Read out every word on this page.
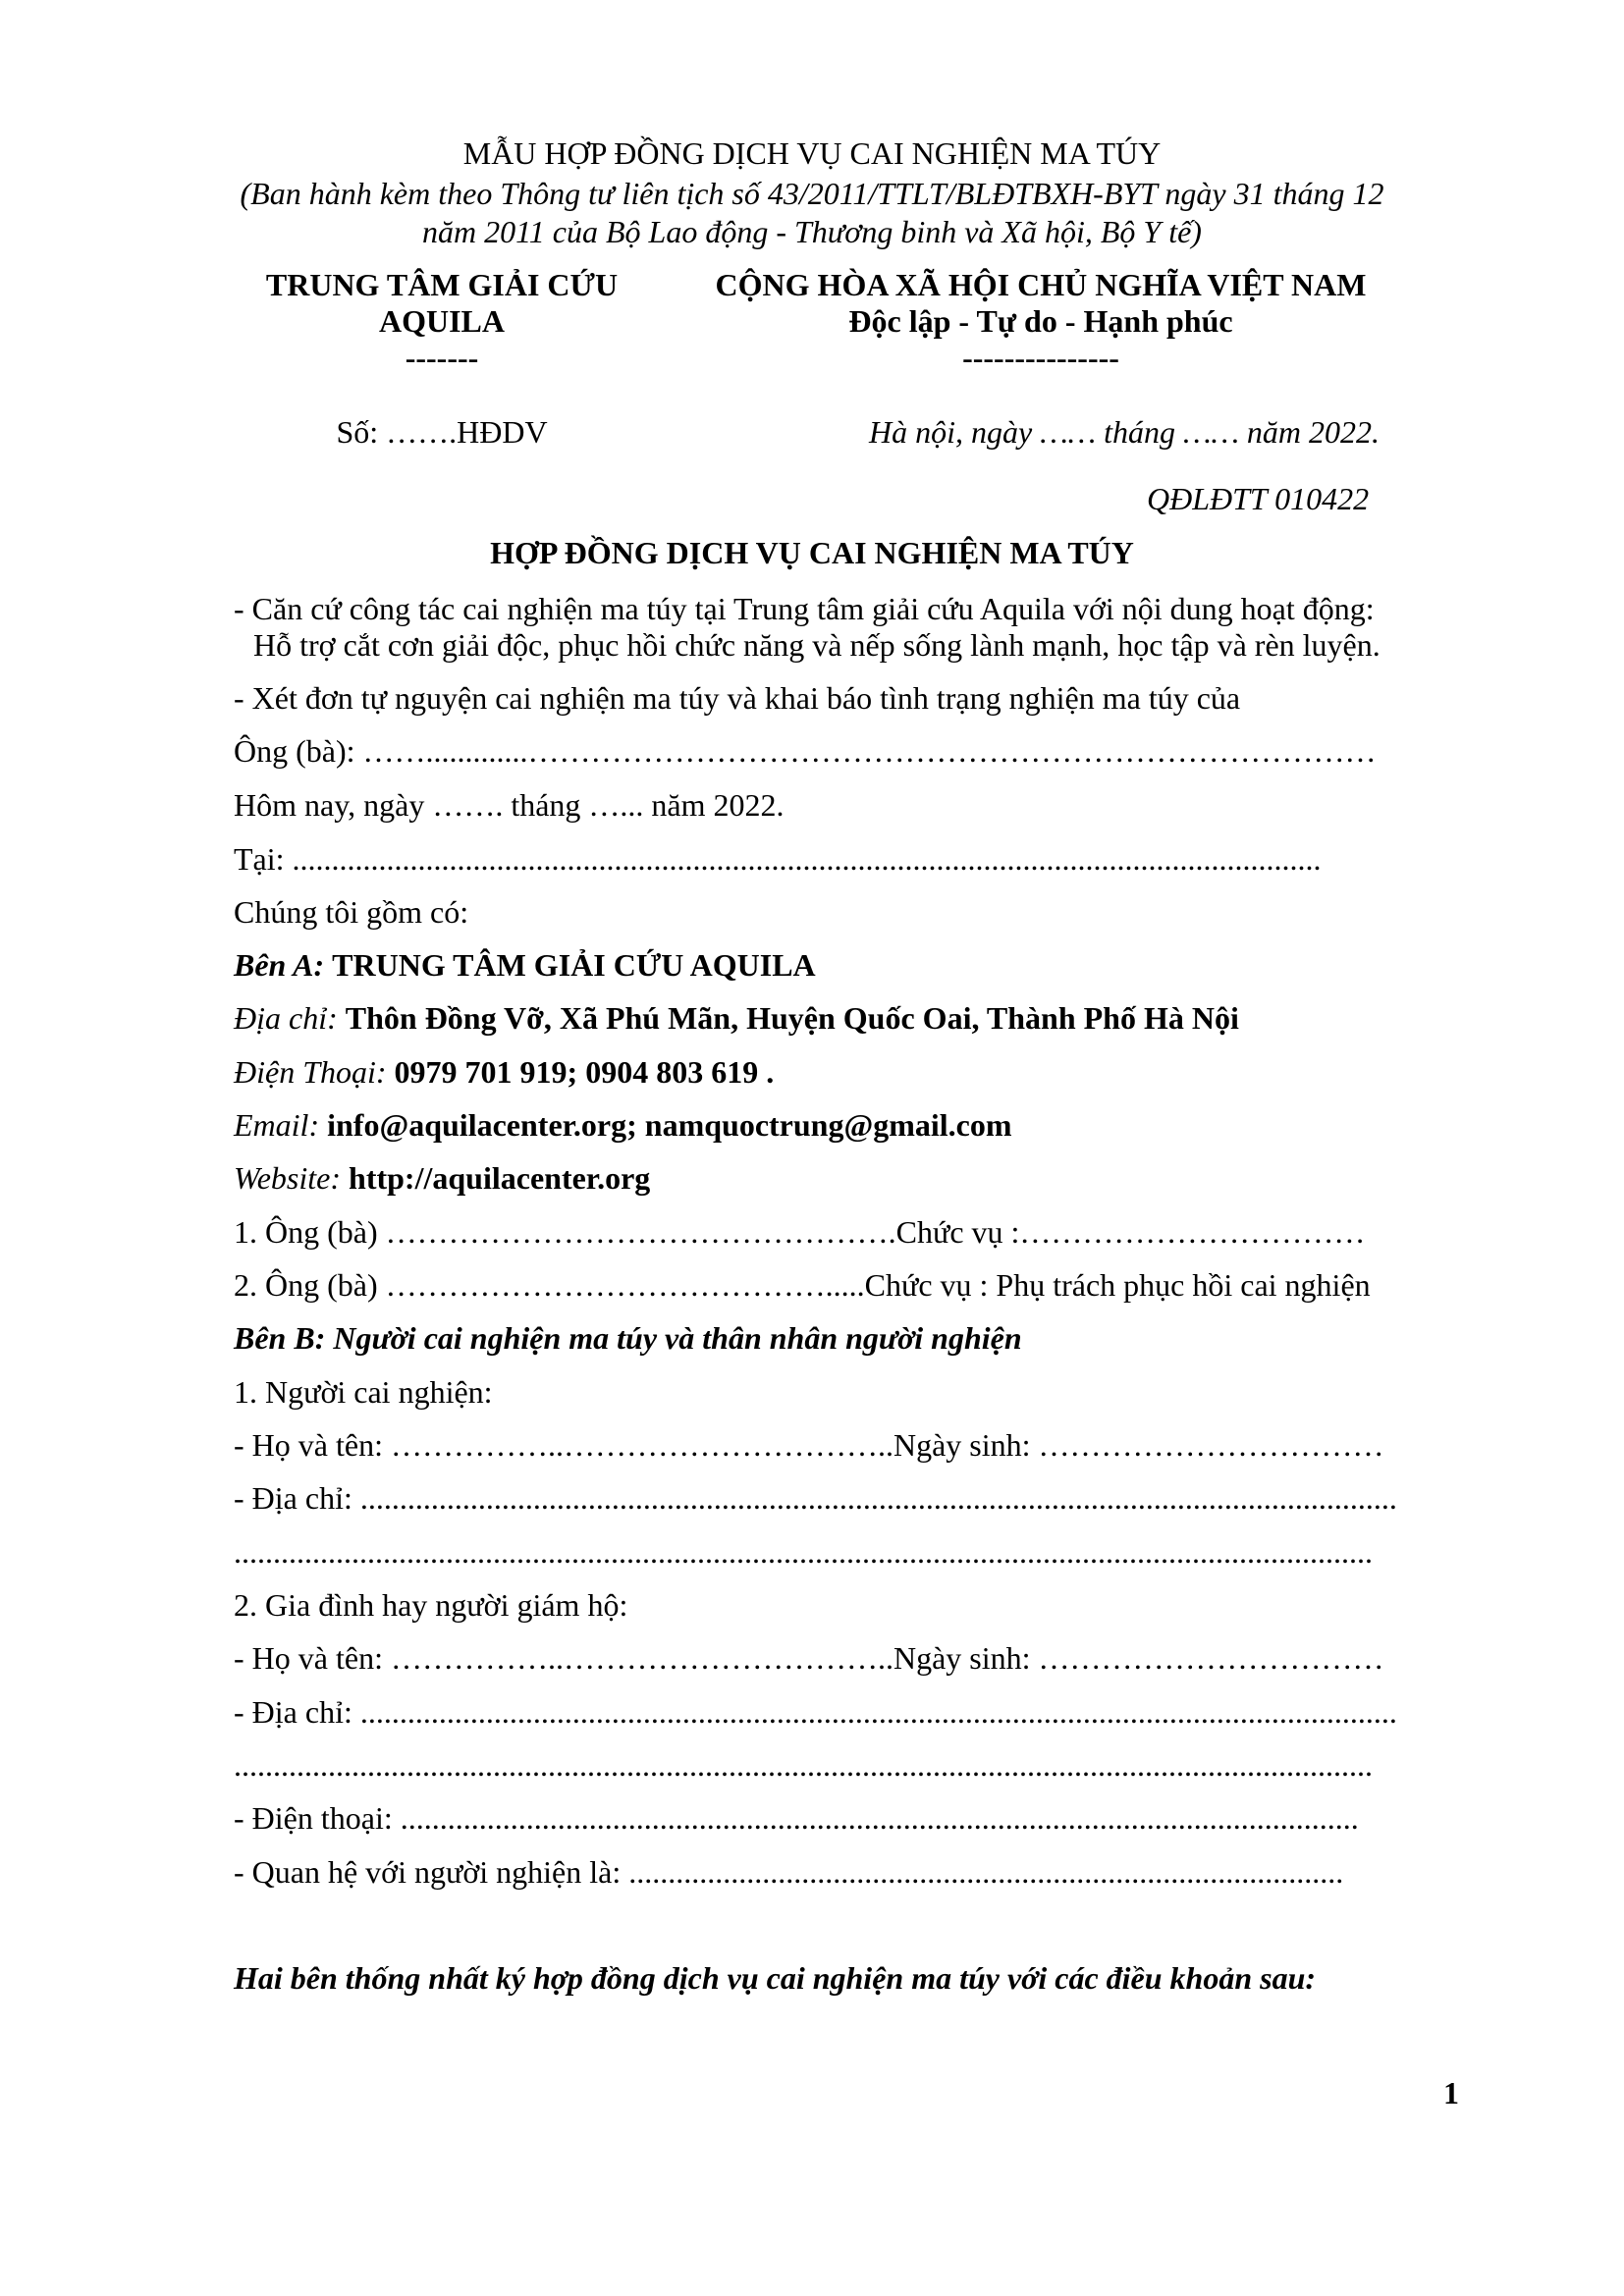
MẪU HỢP ĐỒNG DỊCH VỤ CAI NGHIỆN MA TÚY
(Ban hành kèm theo Thông tư liên tịch số 43/2011/TTLT/BLĐTBXH-BYT ngày 31 tháng 12
năm 2011 của Bộ Lao động - Thương binh và Xã hội, Bộ Y tế)
TRUNG TÂM GIẢI CỨU
AQUILA
-------
CỘNG HÒA XÃ HỘI CHỦ NGHĨA VIỆT NAM
Độc lập - Tự do - Hạnh phúc
---------------
Số: …….HĐDV	Hà nội, ngày …… tháng …… năm 2022.
QĐLĐTT 010422
HỢP ĐỒNG DỊCH VỤ CAI NGHIỆN MA TÚY
- Căn cứ công tác cai nghiện ma túy tại Trung tâm giải cứu Aquila với nội dung hoạt động:
Hỗ trợ cắt cơn giải độc, phục hồi chức năng và nếp sống lành mạnh, học tập và rèn luyện.
- Xét đơn tự nguyện cai nghiện ma túy và khai báo tình trạng nghiện ma túy của
Ông (bà): …….............………………………………………………………………………
Hôm nay, ngày ……. tháng …... năm 2022.
Tại: ...................................................................................................................................
Chúng tôi gồm có:
Bên A: TRUNG TÂM GIẢI CỨU AQUILA
Địa chỉ: Thôn Đồng Vỡ, Xã Phú Mãn, Huyện Quốc Oai, Thành Phố Hà Nội
Điện Thoại: 0979 701 919; 0904 803 619 .
Email: info@aquilacenter.org; namquoctrung@gmail.com
Website: http://aquilacenter.org
1. Ông (bà) ………………………………………….Chức vụ :……………………………
2. Ông (bà) …………………………………….....Chức vụ : Phụ trách phục hồi cai nghiện
Bên B: Người cai nghiện ma túy và thân nhân người nghiện
1. Người cai nghiện:
- Họ và tên: ……………..…………………………..Ngày sinh: ……………………………
- Địa chỉ: ....................................................................................................................................
.................................................................................................................................................
2. Gia đình hay người giám hộ:
- Họ và tên: ……………..…………………………..Ngày sinh: ……………………………
- Địa chỉ: ....................................................................................................................................
.................................................................................................................................................
- Điện thoại: ..........................................................................................................................
- Quan hệ với người nghiện là: ...........................................................................................
Hai bên thống nhất ký hợp đồng dịch vụ cai nghiện ma túy với các điều khoản sau:
1
